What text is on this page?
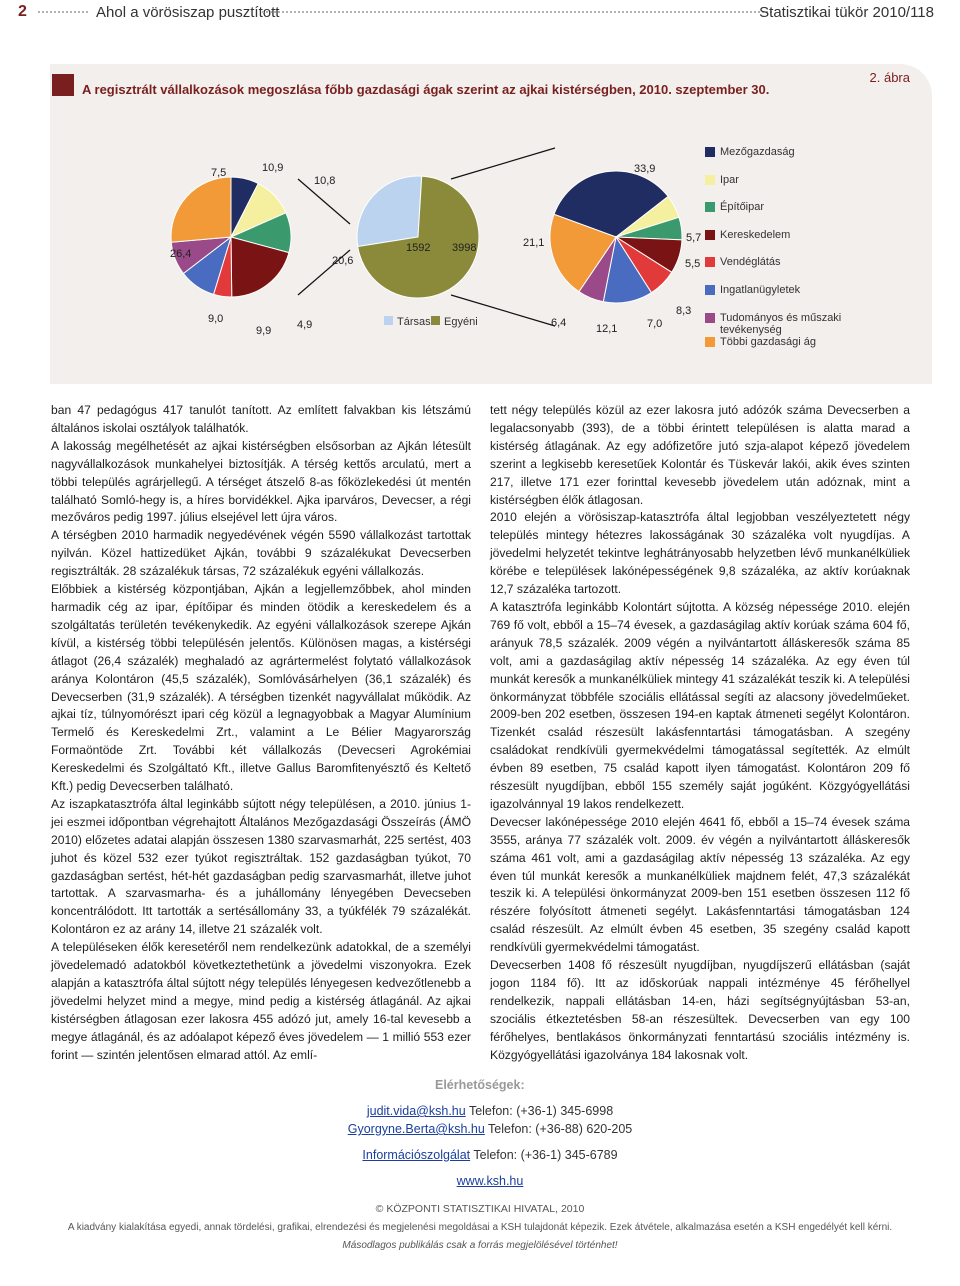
2	Ahol a vörösiszap pusztított	Statisztikai tükör 2010/118
A regisztrált vállalkozások megoszlása főbb gazdasági ágak szerint az ajkai kistérségben, 2010. szeptember 30.
2. ábra
7,5	10,9
10,8
20,6
4,9
9,9
9,0
26,4	1592 3998
33,9
5,7
5,5
8,3
7,0
12,1
6,4
21,1
Társas Egyéni
Mezőgazdaság
Ipar
Építőipar
Kereskedelem
Vendéglátás
Ingatlanügyletek
Tudományos és műszaki tevékenység
Többi gazdasági ág

ban 47 pedagógus 417 tanulót tanított. Az említett falvakban kis létszámú általános iskolai osztályok találhatók.

A lakosság megélhetését az ajkai kistérségben elsősorban az Ajkán létesült nagyvállalkozások munkahelyei biztosítják. A térség kettős arculatú, mert a többi település agrárjellegű. A térséget átszelő 8-as főközlekedési út mentén található Somló-hegy is, a híres borvidékkel. Ajka iparváros, Devecser, a régi mezőváros pedig 1997. július elsejével lett újra város.

A térségben 2010 harmadik negyedévének végén 5590 vállalkozást tartottak nyilván. Közel hattizedüket Ajkán, további 9 százalékukat Devecserben regisztrálták. 28 százalékuk társas, 72 százalékuk egyéni vállalkozás.

Előbbiek a kistérség központjában, Ajkán a legjellemzőbbek, ahol minden harmadik cég az ipar, építőipar és minden ötödik a kereskedelem és a szolgáltatás területén tevékenykedik. Az egyéni vállalkozások szerepe Ajkán kívül, a kistérség többi településén jelentős. Különösen magas, a kistérségi átlagot (26,4 százalék) meghaladó az agrártermelést folytató vállalkozások aránya Kolontáron (45,5 százalék), Somlóvásárhelyen (36,1 százalék) és Devecserben (31,9 százalék). A térségben tizenkét nagyvállalat működik. Az ajkai tíz, túlnyomórészt ipari cég közül a legnagyobbak a Magyar Alumínium Termelő és Kereskedelmi Zrt., valamint a Le Bélier Magyarország Formaöntöde Zrt. További két vállalkozás (Devecseri Agrokémiai Kereskedelmi és Szolgáltató Kft., illetve Gallus Baromfitenyésztő és Keltető Kft.) pedig Devecserben található.

Az iszapkatasztrófa által leginkább sújtott négy településen, a 2010. június 1-jei eszmei időpontban végrehajtott Általános Mezőgazdasági Összeírás (ÁMÖ 2010) előzetes adatai alapján összesen 1380 szarvasmarhát, 225 sertést, 403 juhot és közel 532 ezer tyúkot regisztráltak. 152 gazdaságban tyúkot, 70 gazdaságban sertést, hét-hét gazdaságban pedig szarvasmarhát, illetve juhot tartottak. A szarvasmarha- és a juhállomány lényegében Devecseben koncentrálódott. Itt tartották a sertésállomány 33, a tyúkfélék 79 százalékát. Kolontáron ez az arány 14, illetve 21 százalék volt.

A településeken élők keresetéről nem rendelkezünk adatokkal, de a személyi jövedelemadó adatokból következtethetünk a jövedelmi viszonyokra. Ezek alapján a katasztrófa által sújtott négy település lényegesen kedvezőtlenebb a jövedelmi helyzet mind a megye, mind pedig a kistérség átlagánál. Az ajkai kistérségben átlagosan ezer lakosra 455 adózó jut, amely 16-tal kevesebb a megye átlagánál, és az adóalapot képező éves jövedelem — 1 millió 553 ezer forint — szintén jelentősen elmarad attól. Az emlí-

tett négy település közül az ezer lakosra jutó adózók száma Devecserben a legalacsonyabb (393), de a többi érintett településen is alatta marad a kistérség átlagának. Az egy adófizetőre jutó szja-alapot képező jövedelem szerint a legkisebb keresetűek Kolontár és Tüskevár lakói, akik éves szinten 217, illetve 171 ezer forinttal kevesebb jövedelem után adóznak, mint a kistérségben élők átlagosan.

2010 elején a vörösiszap-katasztrófa által legjobban veszélyeztetett négy település mintegy hétezres lakosságának 30 százaléka volt nyugdíjas. A jövedelmi helyzetét tekintve leghátrányosabb helyzetben lévő munkanélküliek körébe e települések lakónépességének 9,8 százaléka, az aktív korúaknak 12,7 százaléka tartozott.

A katasztrófa leginkább Kolontárt sújtotta. A község népessége 2010. elején 769 fő volt, ebből a 15–74 évesek, a gazdaságilag aktív korúak száma 604 fő, arányuk 78,5 százalék. 2009 végén a nyilvántartott álláskeresők száma 85 volt, ami a gazdaságilag aktív népesség 14 százaléka. Az egy éven túl munkát keresők a munkanélküliek mintegy 41 százalékát teszik ki. A települési önkormányzat többféle szociális ellátással segíti az alacsony jövedelműeket. 2009-ben 202 esetben, összesen 194-en kaptak átmeneti segélyt Kolontáron. Tizenkét család részesült lakásfenntartási támogatásban. A szegény családokat rendkívüli gyermekvédelmi támogatással segítették. Az elmúlt évben 89 esetben, 75 család kapott ilyen támogatást. Kolontáron 209 fő részesült nyugdíjban, ebből 155 személy saját jogúként. Közgyógyellátási igazolvánnyal 19 lakos rendelkezett.

Devecser lakónépessége 2010 elején 4641 fő, ebből a 15–74 évesek száma 3555, aránya 77 százalék volt. 2009. év végén a nyilvántartott álláskeresők száma 461 volt, ami a gazdaságilag aktív népesség 13 százaléka. Az egy éven túl munkát keresők a munkanélküliek majdnem felét, 47,3 százalékát teszik ki. A települési önkormányzat 2009-ben 151 esetben összesen 112 fő részére folyósított átmeneti segélyt. Lakásfenntartási támogatásban 124 család részesült. Az elmúlt évben 45 esetben, 35 szegény család kapott rendkívüli gyermekvédelmi támogatást.

Devecserben 1408 fő részesült nyugdíjban, nyugdíjszerű ellátásban (saját jogon 1184 fő). Itt az időskorúak nappali intézménye 45 férőhellyel rendelkezik, nappali ellátásban 14-en, házi segítségnyújtásban 53-an, szociális étkeztetésben 58-an részesültek. Devecserben van egy 100 férőhelyes, bentlakásos önkormányzati fenntartású szociális intézmény is. Közgyógyellátási igazolványa 184 lakosnak volt.

Elérhetőségek:
judit.vida@ksh.hu Telefon: (+36-1) 345-6998
Gyorgyne.Berta@ksh.hu Telefon: (+36-88) 620-205
Információszolgálat Telefon: (+36-1) 345-6789
www.ksh.hu
© KÖZPONTI STATISZTIKAI HIVATAL, 2010
A kiadvány kialakítása egyedi, annak tördelési, grafikai, elrendezési és megjelenési megoldásai a KSH tulajdonát képezik. Ezek átvétele, alkalmazása esetén a KSH engedélyét kell kérni.
Másodlagos publikálás csak a forrás megjelölésével történhet!
